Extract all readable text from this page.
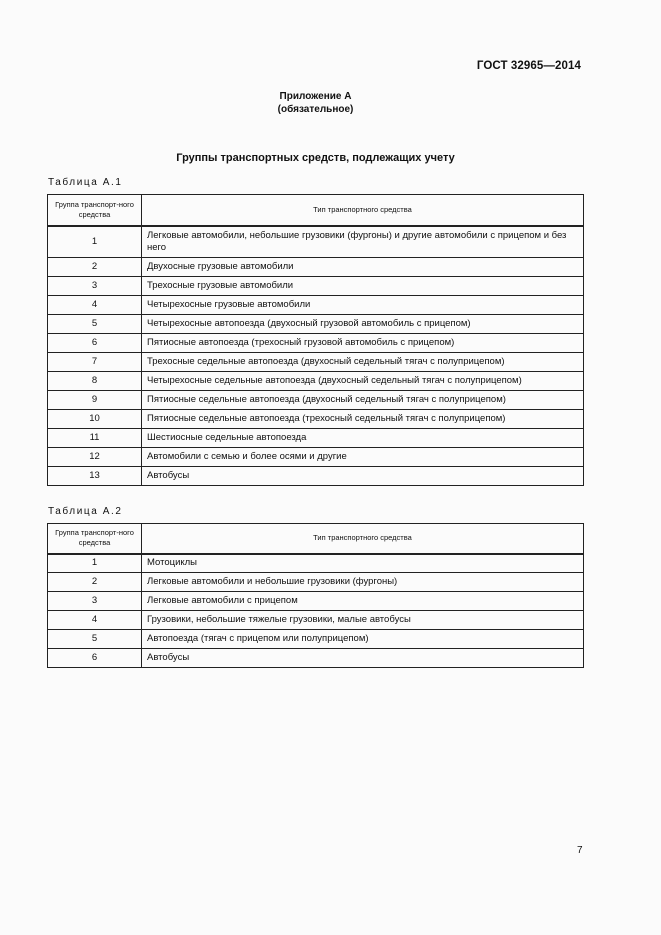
ГОСТ 32965—2014
Приложение А
(обязательное)
Группы транспортных средств, подлежащих учету
Таблица А.1
Группа транспорт-ного средства	Тип транспортного средства
1	Легковые автомобили, небольшие грузовики (фургоны) и другие автомобили с прицепом и без него
2	Двухосные грузовые автомобили
3	Трехосные грузовые автомобили
4	Четырехосные грузовые автомобили
5	Четырехосные автопоезда (двухосный грузовой автомобиль с прицепом)
6	Пятиосные автопоезда (трехосный грузовой автомобиль с прицепом)
7	Трехосные седельные автопоезда (двухосный седельный тягач с полуприцепом)
8	Четырехосные седельные автопоезда (двухосный седельный тягач с полуприцепом)
9	Пятиосные седельные автопоезда (двухосный седельный тягач с полуприцепом)
10	Пятиосные седельные автопоезда (трехосный седельный тягач с полуприцепом)
11	Шестиосные седельные автопоезда
12	Автомобили с семью и более осями и другие
13	Автобусы
Таблица А.2
Группа транспорт-ного средства	Тип транспортного средства
1	Мотоциклы
2	Легковые автомобили и небольшие грузовики (фургоны)
3	Легковые автомобили с прицепом
4	Грузовики, небольшие тяжелые грузовики, малые автобусы
5	Автопоезда (тягач с прицепом или полуприцепом)
6	Автобусы
7
